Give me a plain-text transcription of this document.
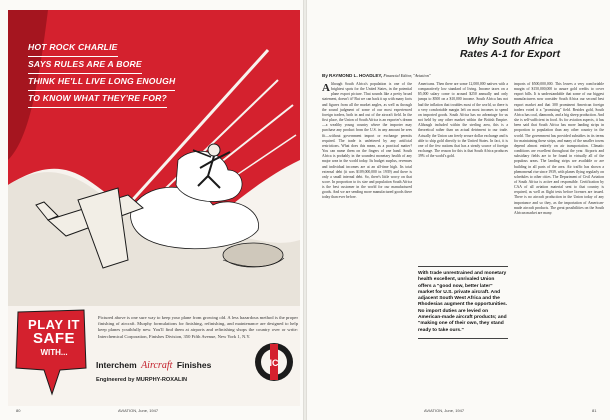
HOT ROCK CHARLIE
SAYS RULES ARE A BORE
THINK HE'LL LIVE LONG ENOUGH
TO KNOW WHAT THEY'RE FOR?
PLAY IT
SAFE
WITH...

Pictured above is one sure way to keep your plane from growing old. A less hazardous method is the proper finishing of aircraft. Murphy formulations for finishing, refinishing, and maintenance are designed to help keep planes youthfully new. You'll find them at airports and refinishing shops the country over or write: Interchemical Corporation, Finishes Division, 350 Fifth Avenue, New York 1, N.Y.

Interchem Aircraft Finishes
Engineered by MURPHY-ROXALIN
IC
80	AVIATION, June, 1947
Why South Africa
Rates A-1 for Export
By RAYMOND L. HOADLEY, Financial Editor, "Aviation"
Although South Africa's population is one of the brightest spots for the United States, in the potential plane export picture. That sounds like a pretty broad statement, doesn't it? But we can back it up with many facts and figures from all the market angles, as well as through the sound judgment of some of our most experienced foreign traders, both in and out of the aircraft field. In the first place, the Union of South Africa is an exporter's dream—a wealthy young country where the importer may purchase any product from the U.S. in any amount he sees fit—without government import or exchange permits required. The trade is unfettered by any artificial restrictions. What does this mean, as a practical matter? You can name them on the fingers of one hand. South Africa is probably in the soundest monetary health of any major area in the world today. Its budget surplus, revenues and individual incomes are at an all-time high. Its total external debt (it was $109,000,000 in 1939) and there is only a small internal debt. So, there's little worry on that score. In proportion to its size and population South Africa is the best customer in the world for our manufactured goods. And we are sending more manufactured goods there today than ever before.
Americans. Then there are some 12,000,000 natives with a comparatively low standard of living. Income taxes on a $5,000 salary come to around $250 annually and only jumps to $500 on a $10,000 income. South Africa has not had the inflation that troubles most of the world, so there is a very comfortable margin left on most incomes to spend on imported goods. South Africa has no advantage for us not held by any other market within the British Empire. Although included within the sterling area, this is a theoretical rather than an actual detriment to our trade. Actually the Union can freely secure dollar exchange and is able to ship gold directly to the United States. In fact, it is one of the few nations that has a steady source of foreign exchange. The reason for this is that South Africa produces 39% of the world's gold.
With trade unrestrained and monetary health excellent, unrivaled Union offers a "good now, better later" market for U.S. private aircraft. And adjacent South West Africa and the Rhodesias augment the opportunities. No import duties are levied on American-made aircraft products; and "making one of their own, they stand ready to take ours."
imports of $500,000,000. This leaves a very comfortable margin of $150,000,000 to assure gold credits to cover export bills. It is understandable that some of our biggest manufacturers now consider South Africa our second best export market and that 300 prominent American foreign traders voted it a "promising" field. Besides gold, South Africa has coal, diamonds, and a big sheep production. And she is self-sufficient in food. As for aviation aspects, it has been said that South Africa has more landing strips in proportion to population than any other country in the world. The government has provided subsidies in its terms for maintaining these strips, and many of the smaller towns depend almost entirely on air transportation. Climatic conditions are excellent throughout the year. Airports and subsidiary fields are to be found in virtually all of the populous areas. The landing strips are available or are building in all parts of the area. Air traffic has shown a phenomenal rise since 1939, with planes flying regularly on schedules to other cities. The Department of Civil Aviation of South Africa is active and responsible. Certification by CAA of all aviation material sent to that country is required, as well as flight tests before licenses are issued. There is no aircraft production in the Union today of any importance and so they, as the importation of American-made aircraft products. The great possibilities on the South African market are many.
AVIATION, June, 1947	81
